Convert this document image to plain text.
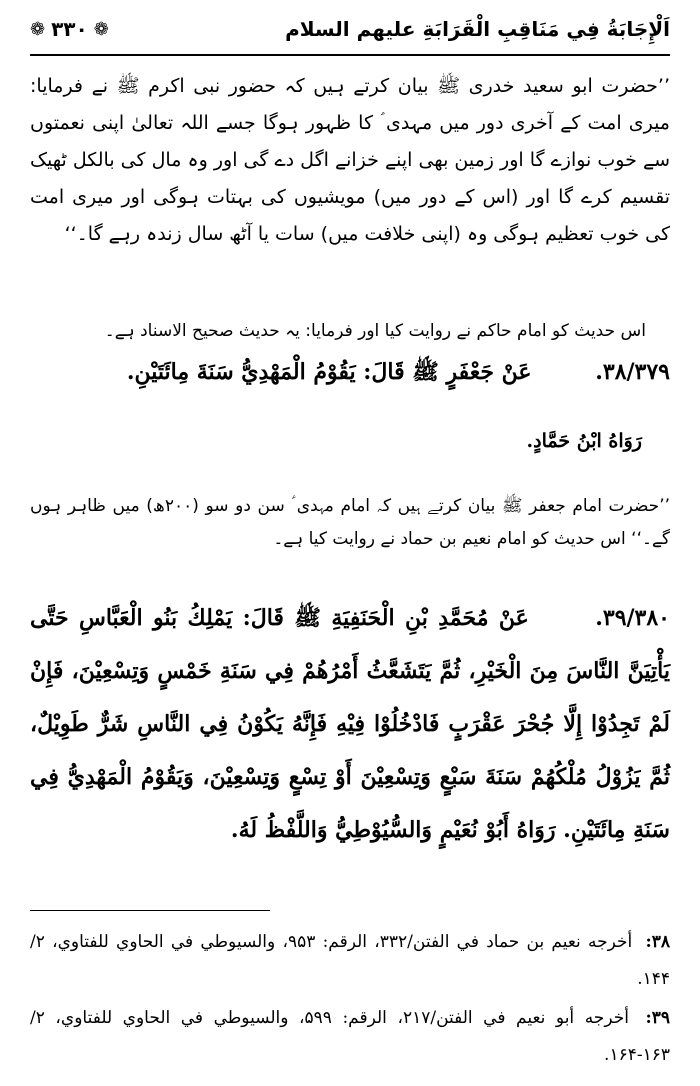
❁ ۳۳۰ ❁	اَلْإِجَابَةُ فِي مَنَاقِبِ الْقَرَابَةِ علیهم السلام

’’حضرت ابو سعید خدری ﷺ بیان کرتے ہیں کہ حضور نبی اکرم ﷺ نے فرمایا: میری امت کے آخری دور میں مہدی ؑ کا ظہور ہوگا جسے اللہ تعالیٰ اپنی نعمتوں سے خوب نوازے گا اور زمین بھی اپنے خزانے اگل دے گی اور وہ مال کی بالکل ٹھیک تقسیم کرے گا اور (اس کے دور میں) مویشیوں کی بہتات ہوگی اور میری امت کی خوب تعظیم ہوگی وہ (اپنی خلافت میں) سات یا آٹھ سال زندہ رہے گا۔‘‘

اس حدیث کو امام حاکم نے روایت کیا اور فرمایا: یہ حدیث صحیح الاسناد ہے۔

۳۸/۳۷۹. عَنْ جَعْفَرٍ ﷺ قَالَ: يَقُوْمُ الْمَهْدِيُّ سَنَةَ مِائَتَيْنِ.
رَوَاهُ ابْنُ حَمَّادٍ.

’’حضرت امام جعفر ﷺ بیان کرتے ہیں کہ امام مہدی ؑ سن دو سو (۲۰۰ھ) میں ظاہر ہوں گے۔‘‘ اس حدیث کو امام نعیم بن حماد نے روایت کیا ہے۔

۳۹/۳۸۰. عَنْ مُحَمَّدِ بْنِ الْحَنَفِيَةِ ﷺ قَالَ: يَمْلِكُ بَنُو الْعَبَّاسِ حَتَّى يَأْتِيَنَّ النَّاسَ مِنَ الْخَيْرِ، ثُمَّ يَتَشَعَّثُ أَمْرُهُمْ فِي سَنَةِ خَمْسٍ وَتِسْعِيْنَ، فَإِنْ لَمْ تَجِدُوْا إِلَّا جُحْرَ عَقْرَبٍ فَادْخُلُوْا فِيْهِ فَإِنَّهُ يَكُوْنُ فِي النَّاسِ شَرٌّ طَوِيْلٌ، ثُمَّ يَزُوْلُ مُلْكُهُمْ سَنَةَ سَبْعٍ وَتِسْعِيْنَ أَوْ تِسْعٍ وَتِسْعِيْنَ، وَيَقُوْمُ الْمَهْدِيُّ فِي سَنَةِ مِائَتَيْنِ. رَوَاهُ أَبُوْ نُعَيْمٍ وَالسُّيُوْطِيُّ وَاللَّفْظُ لَهُ.
۳۸: أخرجه نعيم بن حماد في الفتن/۳۳۲، الرقم: ۹۵۳، والسيوطي في الحاوي للفتاوي، ۲/ ۱۴۴.
۳۹: أخرجه أبو نعيم في الفتن/۲۱۷، الرقم: ۵۹۹، والسيوطي في الحاوي للفتاوي، ۲/ ۱۶۳-۱۶۴.
